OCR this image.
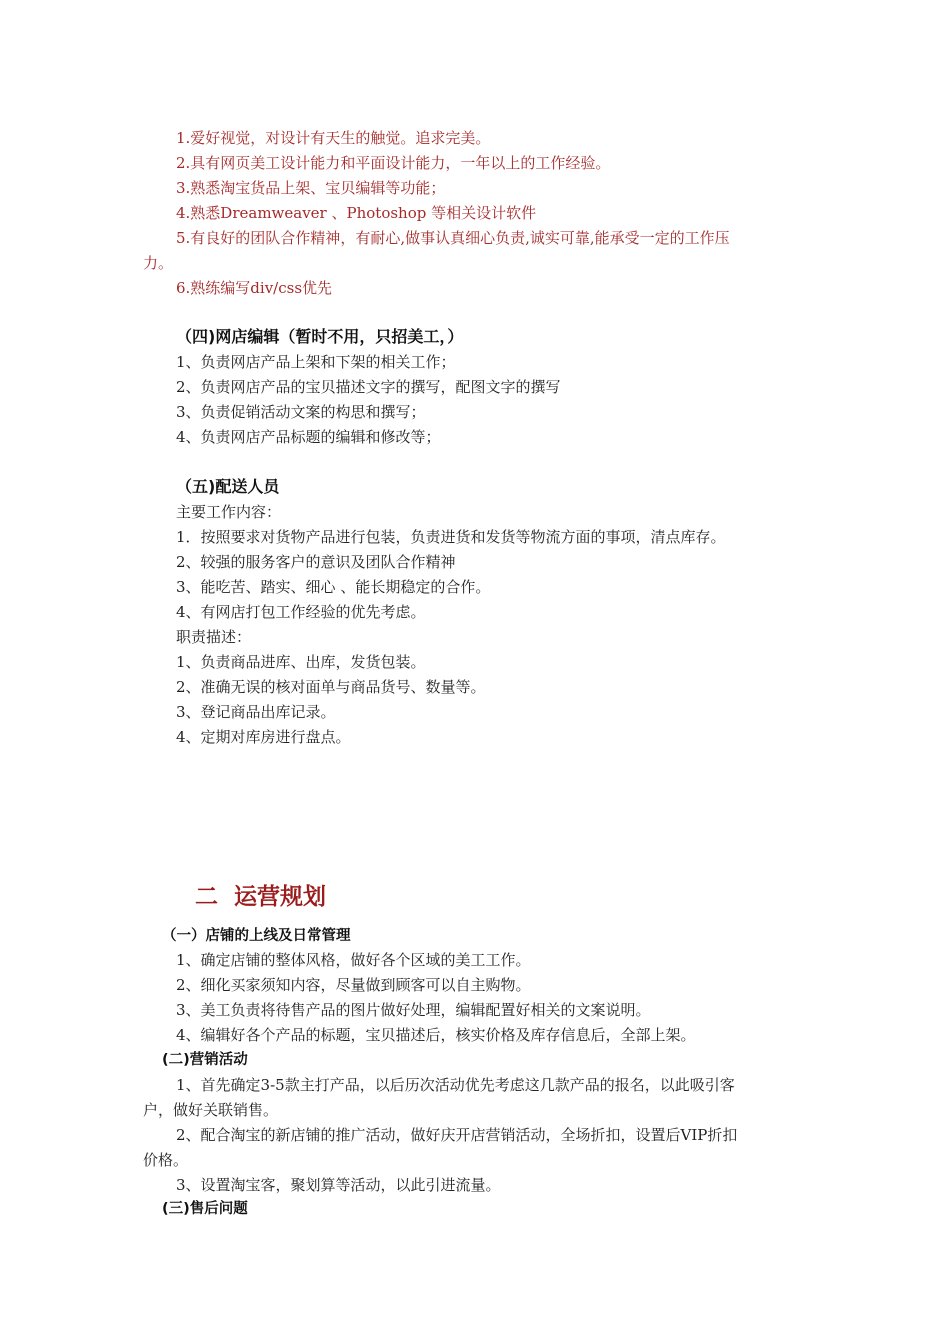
1.爱好视觉，对设计有天生的触觉。追求完美。
2.具有网页美工设计能力和平面设计能力，一年以上的工作经验。
3.熟悉淘宝货品上架、宝贝编辑等功能；
4.熟悉Dreamweaver 、Photoshop 等相关设计软件
5.有良好的团队合作精神，有耐心,做事认真细心负责,诚实可靠,能承受一定的工作压
力。
6.熟练编写div/css优先
（四)网店编辑（暂时不用，只招美工，）
1、负责网店产品上架和下架的相关工作；
2、负责网店产品的宝贝描述文字的撰写，配图文字的撰写
3、负责促销活动文案的构思和撰写；
4、负责网店产品标题的编辑和修改等；
（五)配送人员
主要工作内容：
1．按照要求对货物产品进行包装，负责进货和发货等物流方面的事项，清点库存。
2、较强的服务客户的意识及团队合作精神
3、能吃苦、踏实、细心 、能长期稳定的合作。
4、有网店打包工作经验的优先考虑。
职责描述：
1、负责商品进库、出库，发货包装。
2、准确无误的核对面单与商品货号、数量等。
3、登记商品出库记录。
4、定期对库房进行盘点。
二  运营规划
（一）店铺的上线及日常管理
1、确定店铺的整体风格，做好各个区域的美工工作。
2、细化买家须知内容，尽量做到顾客可以自主购物。
3、美工负责将待售产品的图片做好处理，编辑配置好相关的文案说明。
4、编辑好各个产品的标题，宝贝描述后，核实价格及库存信息后，全部上架。
(二)营销活动
1、首先确定3-5款主打产品，以后历次活动优先考虑这几款产品的报名，以此吸引客
户，做好关联销售。
2、配合淘宝的新店铺的推广活动，做好庆开店营销活动，全场折扣，设置后VIP折扣
价格。
3、设置淘宝客，聚划算等活动，以此引进流量。
(三)售后问题
